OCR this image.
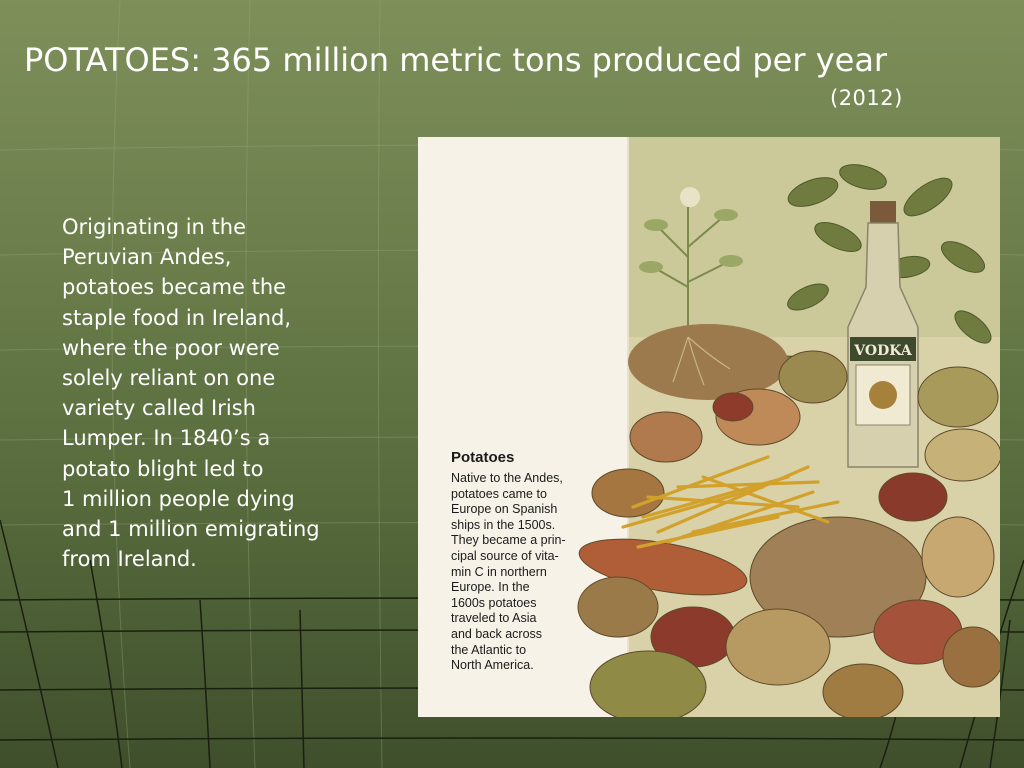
POTATOES: 365 million metric tons produced per year
(2012)

Originating in the
Peruvian Andes,
potatoes became the
staple food in Ireland,
where the poor were
solely reliant on one
variety called Irish
Lumper. In 1840’s a
potato blight led to
1 million people dying
and 1 million emigrating
from Ireland.

VODKA
Potatoes

Native to the Andes,
potatoes came to
Europe on Spanish
ships in the 1500s.
They became a prin-
cipal source of vita-
min C in northern
Europe. In the
1600s potatoes
traveled to Asia
and back across
the Atlantic to
North America.
